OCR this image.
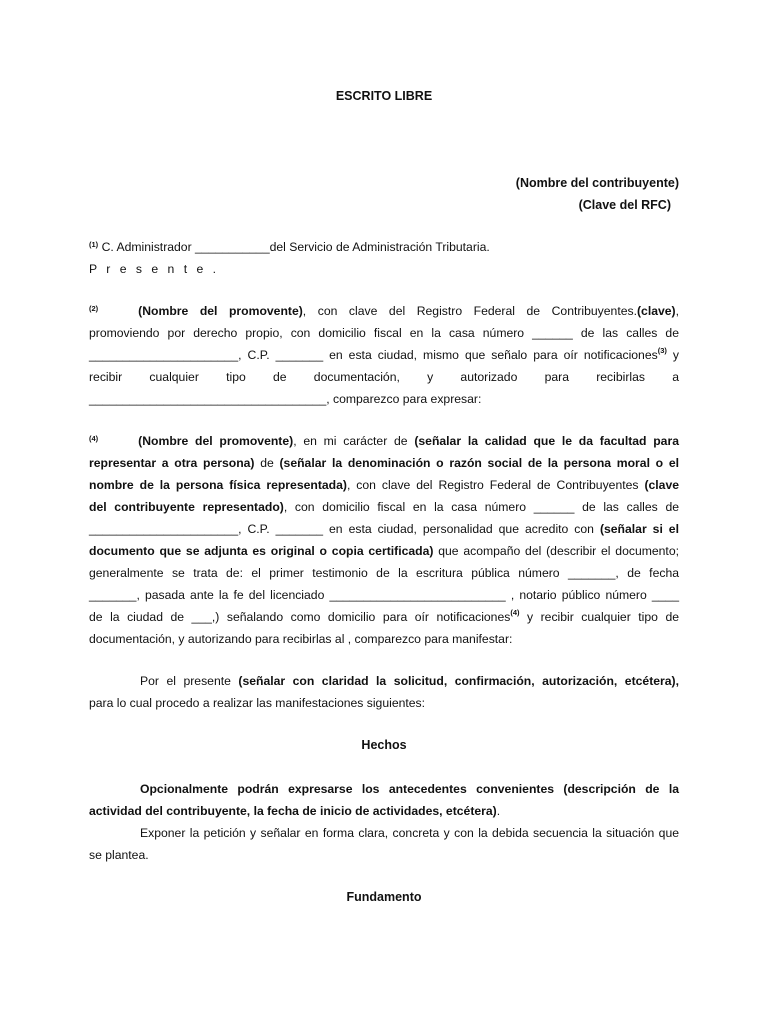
ESCRITO LIBRE
(Nombre del contribuyente)
(Clave del RFC)
$^{(1)}$ C. Administrador ___________del Servicio de Administración Tributaria.
P r e s e n t e .
$^{(2)}$	(Nombre del promovente), con clave del Registro Federal de Contribuyentes.(clave),
promoviendo por derecho propio, con domicilio fiscal en la casa número ______ de las calles de
______________________, C.P. _______ en esta ciudad, mismo que señalo para oír notificaciones$^{(3)}$ y
recibir cualquier tipo de documentación, y autorizado para recibirlas a
___________________________________, comparezco para expresar:
$^{(4)}$	(Nombre del promovente), en mi carácter de (señalar la calidad que le da facultad para
representar a otra persona) de (señalar la denominación o razón social de la persona moral o el
nombre de la persona física representada), con clave del Registro Federal de Contribuyentes (clave
del contribuyente representado), con domicilio fiscal en la casa número ______ de las calles de
______________________, C.P. _______ en esta ciudad, personalidad que acredito con (señalar si el
documento que se adjunta es original o copia certificada) que acompaño del (describir el documento;
generalmente se trata de: el primer testimonio de la escritura pública número _______, de fecha
_______, pasada ante la fe del licenciado __________________________ , notario público número ____
de la ciudad de ___,) señalando como domicilio para oír notificaciones$^{(4)}$ y recibir cualquier tipo de
documentación, y autorizando para recibirlas al , comparezco para manifestar:
Por el presente (señalar con claridad la solicitud, confirmación, autorización, etcétera),
para lo cual procedo a realizar las manifestaciones siguientes:
Hechos
Opcionalmente podrán expresarse los antecedentes convenientes (descripción de la
actividad del contribuyente, la fecha de inicio de actividades, etcétera).
Exponer la petición y señalar en forma clara, concreta y con la debida secuencia la situación que
se plantea.
Fundamento
